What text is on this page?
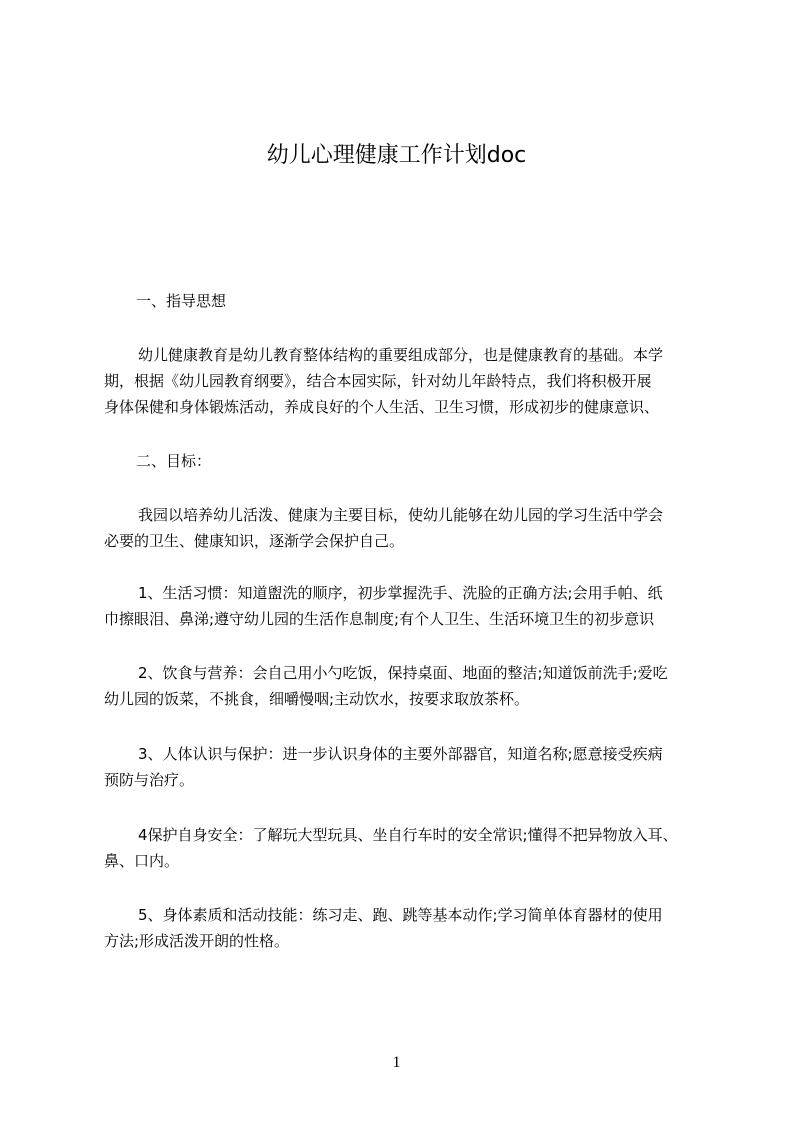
幼儿心理健康工作计划doc
一、指导思想
幼儿健康教育是幼儿教育整体结构的重要组成部分，也是健康教育的基础。本学
期，根据《幼儿园教育纲要》，结合本园实际，针对幼儿年龄特点，我们将积极开展
身体保健和身体锻炼活动，养成良好的个人生活、卫生习惯，形成初步的健康意识、
二、目标：
我园以培养幼儿活泼、健康为主要目标，使幼儿能够在幼儿园的学习生活中学会
必要的卫生、健康知识，逐渐学会保护自己。
1、生活习惯：知道盥洗的顺序，初步掌握洗手、洗脸的正确方法;会用手帕、纸
巾擦眼泪、鼻涕;遵守幼儿园的生活作息制度;有个人卫生、生活环境卫生的初步意识
2、饮食与营养：会自己用小勺吃饭，保持桌面、地面的整洁;知道饭前洗手;爱吃
幼儿园的饭菜，不挑食，细嚼慢咽;主动饮水，按要求取放茶杯。
3、人体认识与保护：进一步认识身体的主要外部器官，知道名称;愿意接受疾病
预防与治疗。
4保护自身安全：了解玩大型玩具、坐自行车时的安全常识;懂得不把异物放入耳、
鼻、口内。
5、身体素质和活动技能：练习走、跑、跳等基本动作;学习简单体育器材的使用
方法;形成活泼开朗的性格。
1
